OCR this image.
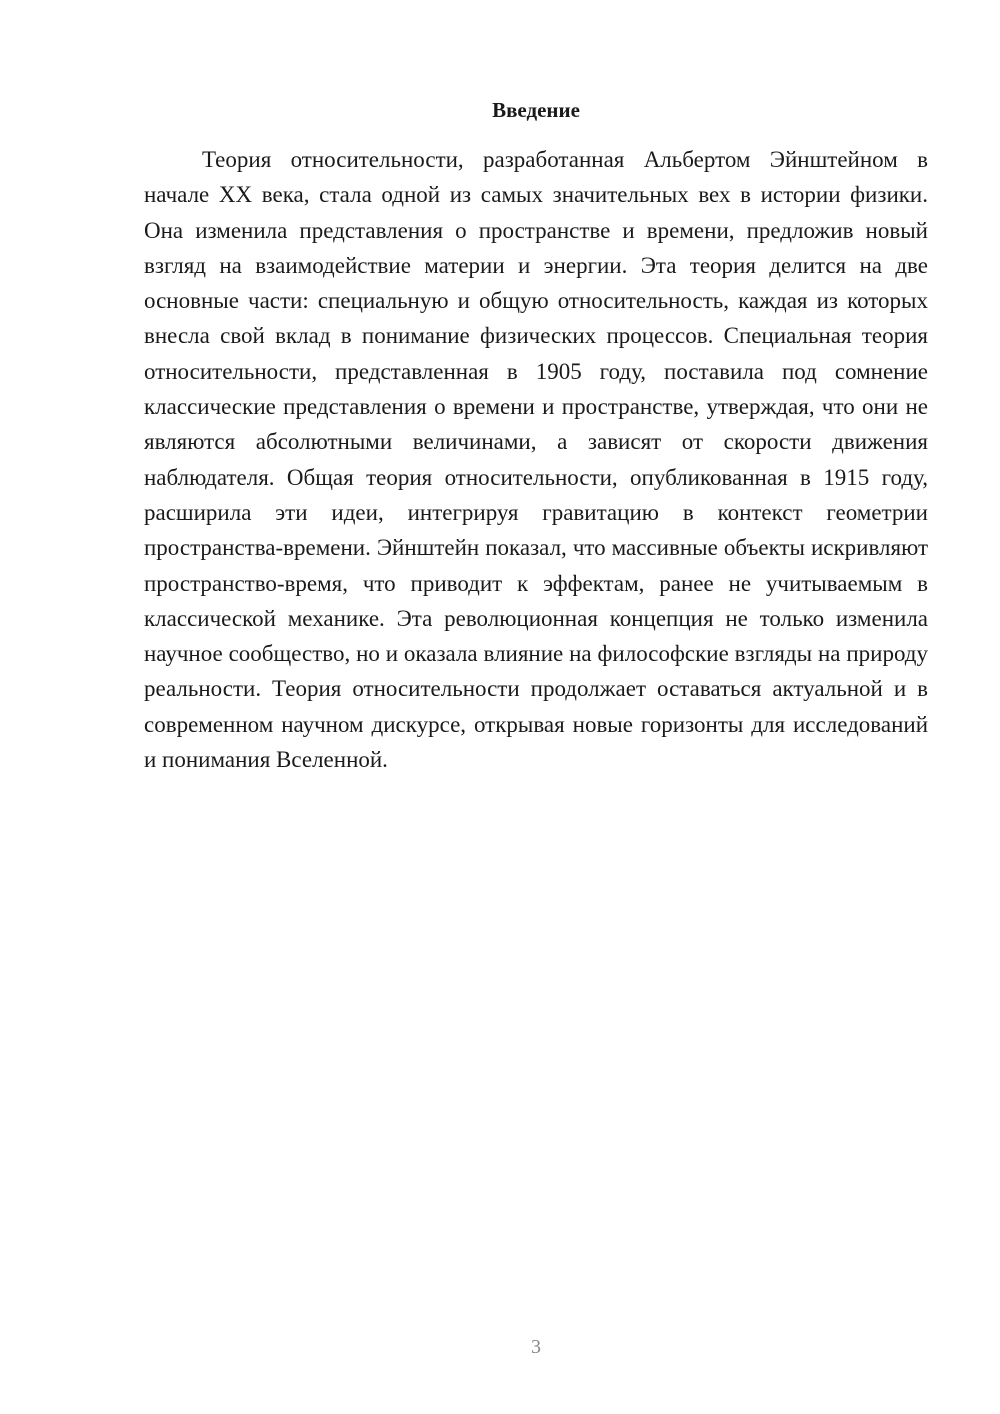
Введение

Теория относительности, разработанная Альбертом Эйнштейном в начале XX века, стала одной из самых значительных вех в истории физики. Она изменила представления о пространстве и времени, предложив новый взгляд на взаимодействие материи и энергии. Эта теория делится на две основные части: специальную и общую относительность, каждая из которых внесла свой вклад в понимание физических процессов. Специальная теория относительности, представленная в 1905 году, поставила под сомнение классические представления о времени и пространстве, утверждая, что они не являются абсолютными величинами, а зависят от скорости движения наблюдателя. Общая теория относительности, опубликованная в 1915 году, расширила эти идеи, интегрируя гравитацию в контекст геометрии пространства-времени. Эйнштейн показал, что массивные объекты искривляют пространство-время, что приводит к эффектам, ранее не учитываемым в классической механике. Эта революционная концепция не только изменила научное сообщество, но и оказала влияние на философские взгляды на природу реальности. Теория относительности продолжает оставаться актуальной и в современном научном дискурсе, открывая новые горизонты для исследований и понимания Вселенной.

3
